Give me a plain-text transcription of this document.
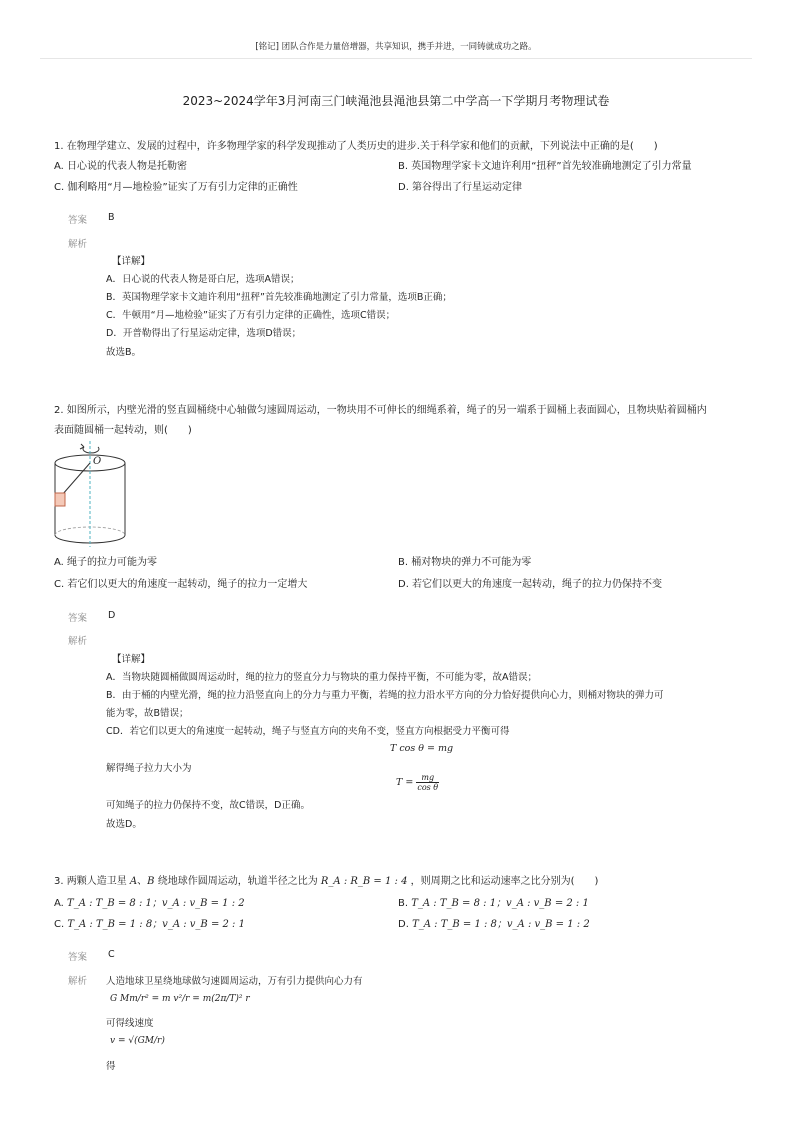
[铭记] 团队合作是力量倍增器，共享知识，携手并进，一同铸就成功之路。
2023~2024学年3月河南三门峡渑池县渑池县第二中学高一下学期月考物理试卷
1. 在物理学建立、发展的过程中，许多物理学家的科学发现推动了人类历史的进步.关于科学家和他们的贡献，下列说法中正确的是(　　)
A. 日心说的代表人物是托勒密	B. 英国物理学家卡文迪许利用“扭秤”首先较准确地测定了引力常量
C. 伽利略用“月—地检验”证实了万有引力定律的正确性	D. 第谷得出了行星运动定律
答案 B
解析
【详解】
A．日心说的代表人物是哥白尼，选项A错误；
B．英国物理学家卡文迪许利用“扭秤”首先较准确地测定了引力常量，选项B正确；
C．牛顿用“月—地检验”证实了万有引力定律的正确性，选项C错误；
D．开普勒得出了行星运动定律，选项D错误；
故选B。
2. 如图所示，内壁光滑的竖直圆桶绕中心轴做匀速圆周运动，一物块用不可伸长的细绳系着，绳子的另一端系于圆桶上表面圆心，且物块贴着圆桶内
表面随圆桶一起转动，则(　　)
O
A. 绳子的拉力可能为零	B. 桶对物块的弹力不可能为零
C. 若它们以更大的角速度一起转动，绳子的拉力一定增大	D. 若它们以更大的角速度一起转动，绳子的拉力仍保持不变
答案 D
解析
【详解】
A．当物块随圆桶做圆周运动时，绳的拉力的竖直分力与物块的重力保持平衡，不可能为零，故A错误；
B．由于桶的内壁光滑，绳的拉力沿竖直向上的分力与重力平衡，若绳的拉力沿水平方向的分力恰好提供向心力，则桶对物块的弹力可
能为零，故B错误；
CD．若它们以更大的角速度一起转动，绳子与竖直方向的夹角不变，竖直方向根据受力平衡可得
T cos θ = mg
解得绳子拉力大小为
$T = \frac{mg}{\text{cos θ}}$
可知绳子的拉力仍保持不变，故C错误，D正确。
故选D。
3. 两颗人造卫星 A、B 绕地球作圆周运动，轨道半径之比为 R_A : R_B = 1 : 4 ，则周期之比和运动速率之比分别为(　　)
A. T_A : T_B = 8 : 1；v_A : v_B = 1 : 2	B. T_A : T_B = 8 : 1；v_A : v_B = 2 : 1
C. T_A : T_B = 1 : 8；v_A : v_B = 2 : 1	D. T_A : T_B = 1 : 8；v_A : v_B = 1 : 2
答案 C
解析 人造地球卫星绕地球做匀速圆周运动，万有引力提供向心力有
G Mm/r² = m v²/r = m(2π/T)² r
可得线速度
v = √(GM/r)
得
